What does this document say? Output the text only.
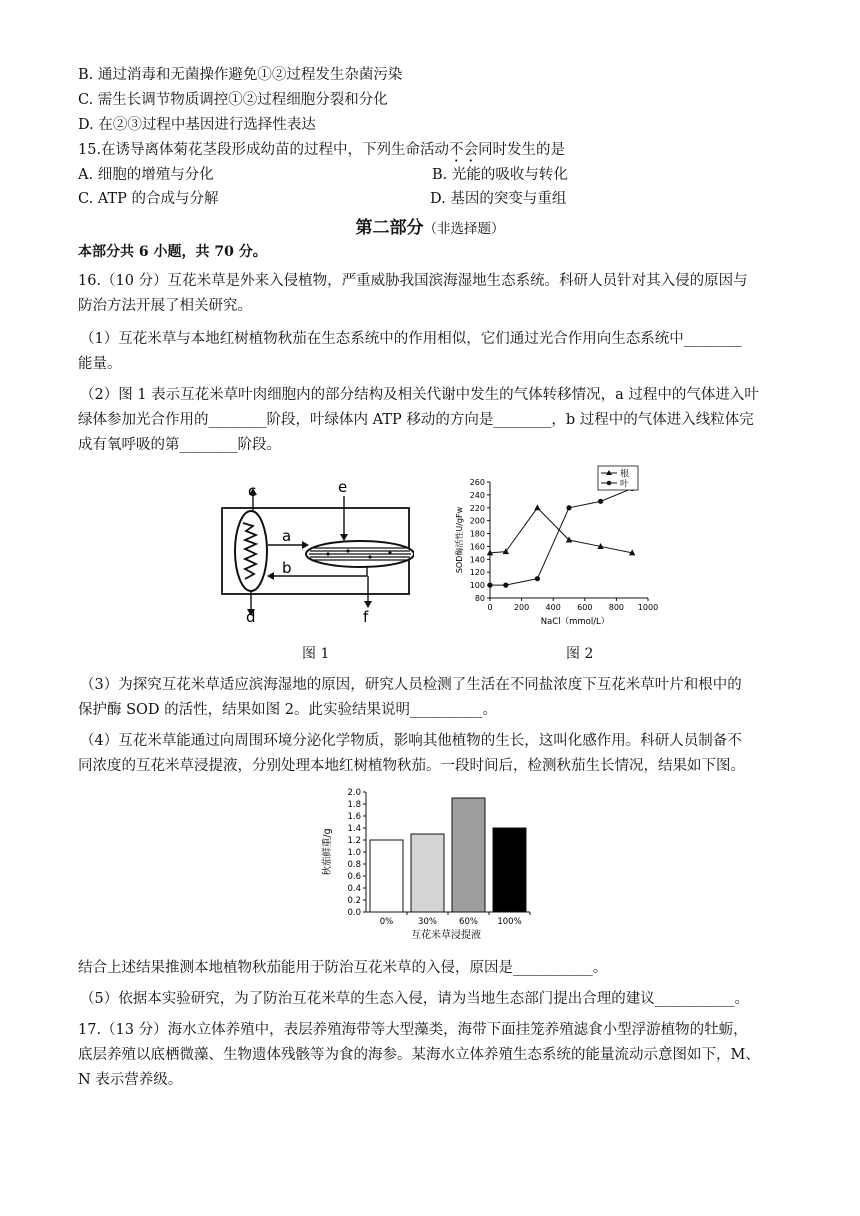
B. 通过消毒和无菌操作避免①②过程发生杂菌污染
C. 需生长调节物质调控①②过程细胞分裂和分化
D. 在②③过程中基因进行选择性表达
15.在诱导离体菊花茎段形成幼苗的过程中，下列生命活动不会同时发生的是
A. 细胞的增殖与分化	B. 光能的吸收与转化
C. ATP 的合成与分解	D. 基因的突变与重组
第二部分（非选择题）
本部分共 6 小题，共 70 分。
16.（10 分）互花米草是外来入侵植物，严重威胁我国滨海湿地生态系统。科研人员针对其入侵的原因与
防治方法开展了相关研究。
（1）互花米草与本地红树植物秋茄在生态系统中的作用相似，它们通过光合作用向生态系统中________
能量。
（2）图 1 表示互花米草叶肉细胞内的部分结构及相关代谢中发生的气体转移情况，a 过程中的气体进入叶
绿体参加光合作用的________阶段，叶绿体内 ATP 移动的方向是________，b 过程中的气体进入线粒体完
成有氧呼吸的第________阶段。
c
d
e
f
a
b
图 1
80
100
120
140
160
180
200
220
240
260
0	200 400 600 800 1000
NaCl（mmol/L）
SOD酶活性U/gFw
根
叶
图 2
（3）为探究互花米草适应滨海湿地的原因，研究人员检测了生活在不同盐浓度下互花米草叶片和根中的
保护酶 SOD 的活性，结果如图 2。此实验结果说明__________。
（4）互花米草能通过向周围环境分泌化学物质，影响其他植物的生长，这叫化感作用。科研人员制备不
同浓度的互花米草浸提液，分别处理本地红树植物秋茄。一段时间后，检测秋茄生长情况，结果如下图。
0.0
0.2
0.4
0.6
0.8
1.0
1.2
1.4
1.6
1.8
2.0
0%	30%	60% 100%
互花米草浸提液
秋茄鲜重/g
结合上述结果推测本地植物秋茄能用于防治互花米草的入侵，原因是___________。
（5）依据本实验研究，为了防治互花米草的生态入侵，请为当地生态部门提出合理的建议___________。
17.（13 分）海水立体养殖中，表层养殖海带等大型藻类，海带下面挂笼养殖滤食小型浮游植物的牡蛎，
底层养殖以底栖微藻、生物遗体残骸等为食的海参。某海水立体养殖生态系统的能量流动示意图如下，M、
N 表示营养级。
